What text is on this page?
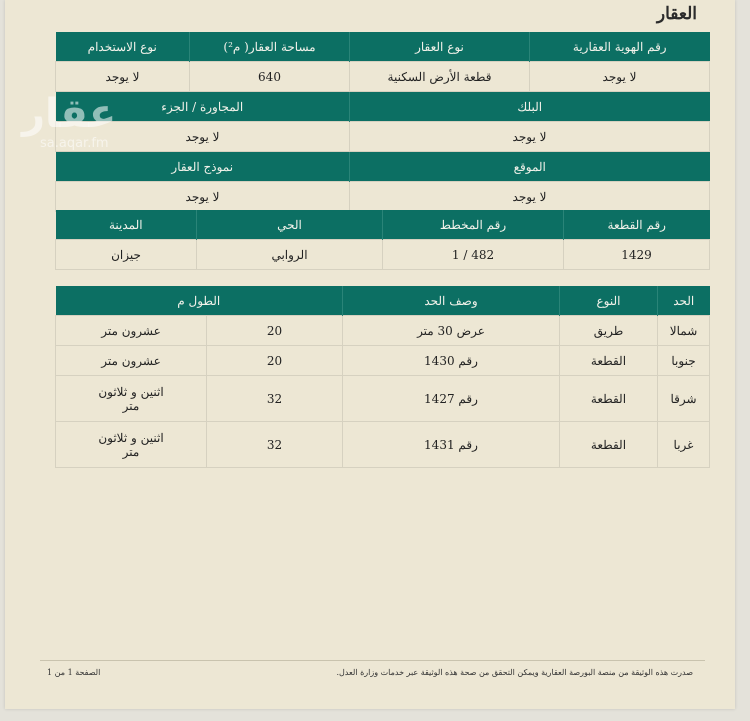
العقار
رقم الهوية العقارية	نوع العقار	مساحة العقار( م²)	نوع الاستخدام
لا يوجد	قطعة الأرض السكنية	640	لا يوجد
البلك		المجاورة / الجزء	
لا يوجد		لا يوجد	
الموقع		نموذج العقار	
لا يوجد		لا يوجد	
رقم القطعة	رقم المخطط	الحي	المدينة
1429	482 / 1	الروابي	جيزان
الحد	النوع	وصف الحد	الطول م	
شمالا	طريق	عرض 30 متر	20	عشرون متر
جنوبا	القطعة	رقم 1430	20	عشرون متر
شرقا	القطعة	رقم 1427	32	اثنين و ثلاثون متر
غربا	القطعة	رقم 1431	32	اثنين و ثلاثون متر
صدرت هذه الوثيقة من منصة البورصة العقارية ويمكن التحقق من صحة هذه الوثيقة عبر خدمات وزارة العدل.
الصفحة 1 من 1
عقار
sa.aqar.fm
